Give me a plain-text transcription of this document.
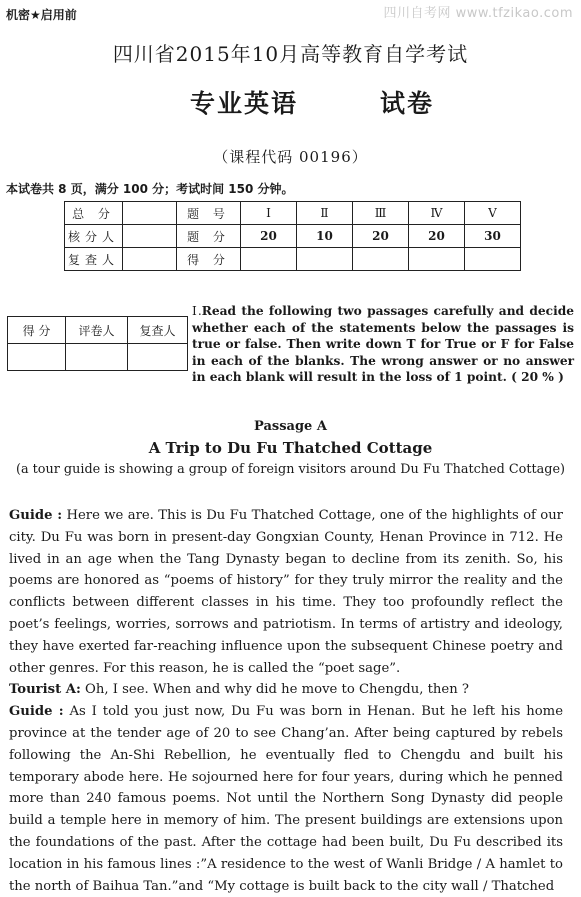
机密★启用前	四川自考网 www.tfzikao.com
四川省2015年10月高等教育自学考试
专业英语	试卷
（课程代码 00196）
本试卷共 8 页，满分 100 分；考试时间 150 分钟。
总 分		题 号	Ⅰ	Ⅱ	Ⅲ	Ⅳ	Ⅴ
核分人		题 分	20	10	20	20	30
复查人		得 分					
得 分	评卷人	复查人

Ⅰ.Read the following two passages carefully and decide whether each of the statements below the passages is true or false. Then write down T for True or F for False in each of the blanks. The wrong answer or no answer in each blank will result in the loss of 1 point. ( 20 % )
Passage A
A Trip to Du Fu Thatched Cottage
(a tour guide is showing a group of foreign visitors around Du Fu Thatched Cottage)

Guide : Here we are. This is Du Fu Thatched Cottage, one of the highlights of our city. Du Fu was born in present-day Gongxian County, Henan Province in 712. He lived in an age when the Tang Dynasty began to decline from its zenith. So, his poems are honored as “poems of history” for they truly mirror the reality and the conflicts between different classes in his time. They too profoundly reflect the poet’s feelings, worries, sorrows and patriotism. In terms of artistry and ideology, they have exerted far-reaching influence upon the subsequent Chinese poetry and other genres. For this reason, he is called the “poet sage”.

Tourist A: Oh, I see. When and why did he move to Chengdu, then ?

Guide : As I told you just now, Du Fu was born in Henan. But he left his home province at the tender age of 20 to see Chang’an. After being captured by rebels following the An-Shi Rebellion, he eventually fled to Chengdu and built his temporary abode here. He sojourned here for four years, during which he penned more than 240 famous poems. Not until the Northern Song Dynasty did people build a temple here in memory of him. The present buildings are extensions upon the foundations of the past. After the cottage had been built, Du Fu described its location in his famous lines :”A residence to the west of Wanli Bridge / A hamlet to the north of Baihua Tan.”and “My cottage is built back to the city wall / Thatched
